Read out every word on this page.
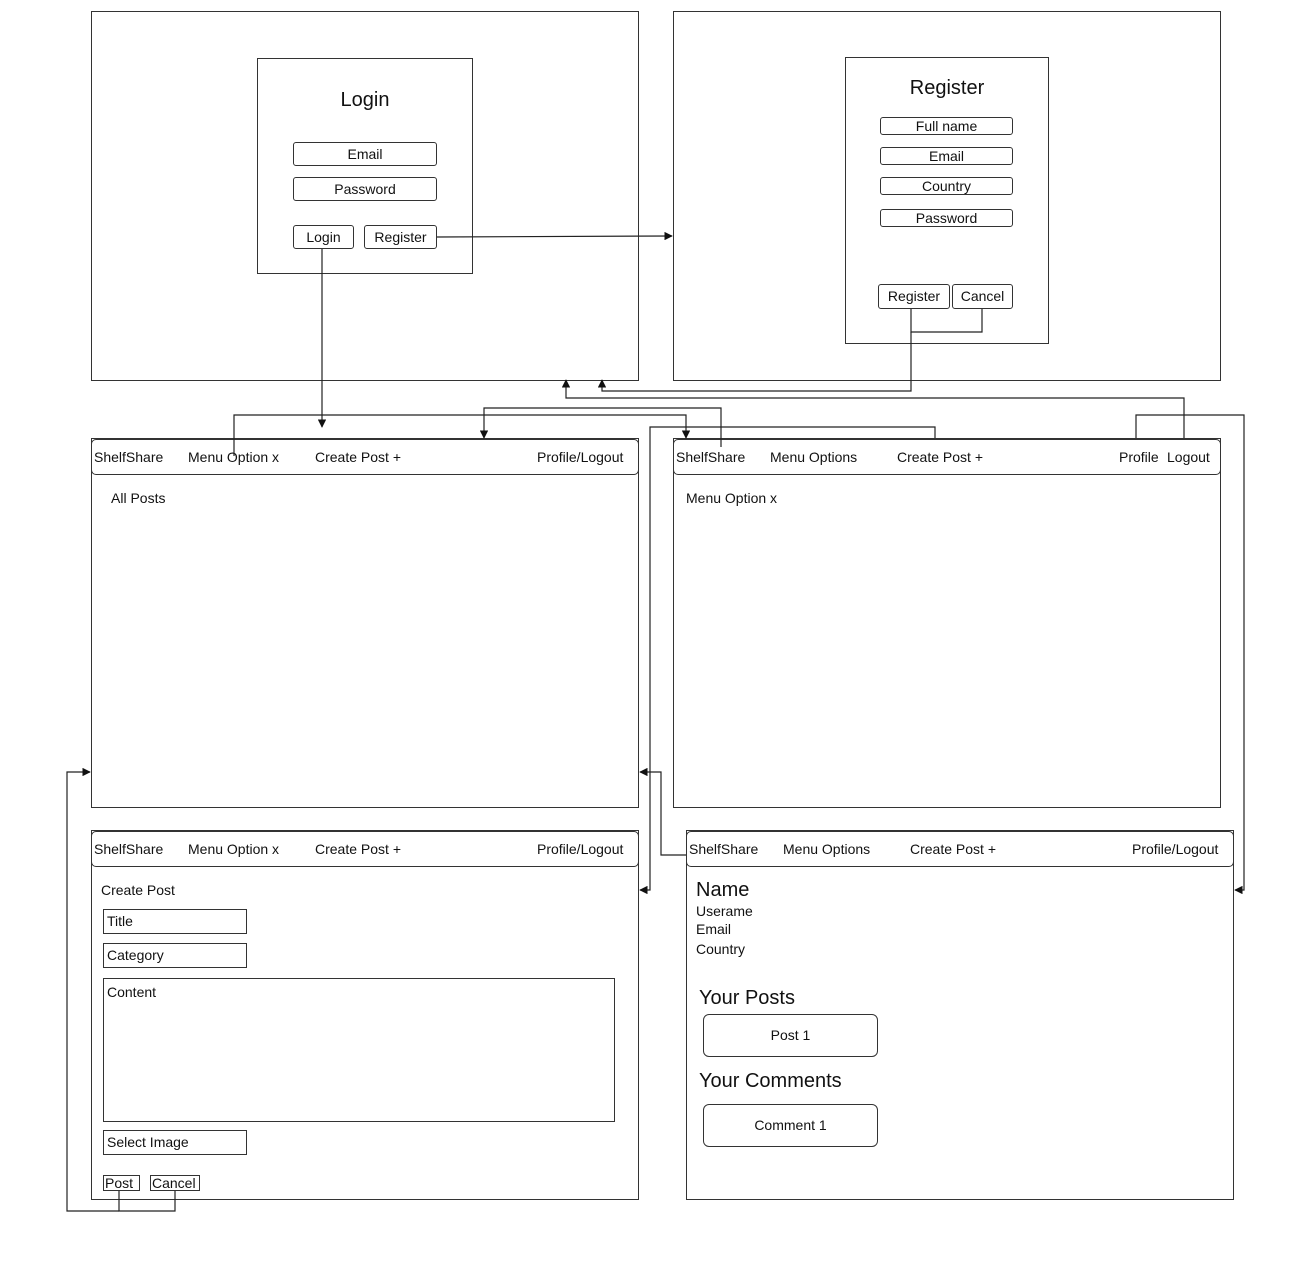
Login
Email
Password
Login	Register
Register
Full name
Email
Country
Password
Register	Cancel
ShelfShare Menu Option x	Create Post +	Profile/Logout
All Posts
ShelfShare Menu Options	Create Post +	Profile Logout
Menu Option x
ShelfShare Menu Option x	Create Post +	Profile/Logout
Create Post
Title
Category
Content
Select Image
Post	Cancel
ShelfShare Menu Options	Create Post +	Profile/Logout
Name
Userame
Email
Country
Your Posts
Post 1
Your Comments
Comment 1
